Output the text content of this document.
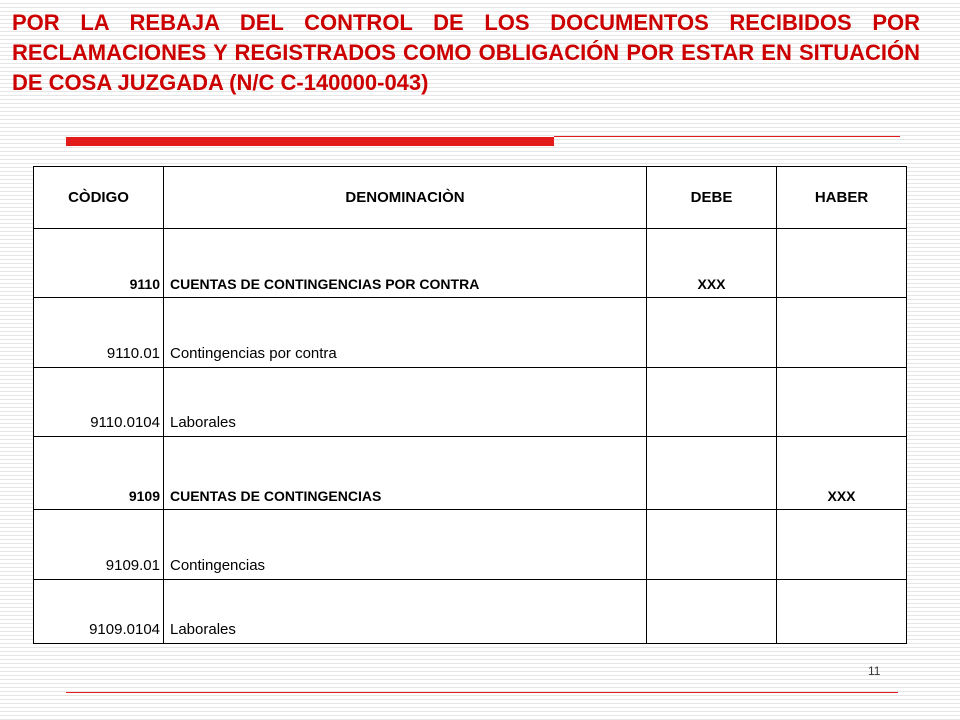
POR LA REBAJA DEL CONTROL DE LOS DOCUMENTOS RECIBIDOS POR RECLAMACIONES Y REGISTRADOS COMO OBLIGACIÓN POR ESTAR EN SITUACIÓN DE COSA JUZGADA (N/C C-140000-043)
CÒDIGO	DENOMINACIÒN	DEBE	HABER
9110	CUENTAS DE CONTINGENCIAS POR CONTRA	XXX	
9110.01	Contingencias por contra		
9110.0104	Laborales		
9109	CUENTAS DE CONTINGENCIAS		XXX
9109.01	Contingencias		
9109.0104	Laborales		
11
